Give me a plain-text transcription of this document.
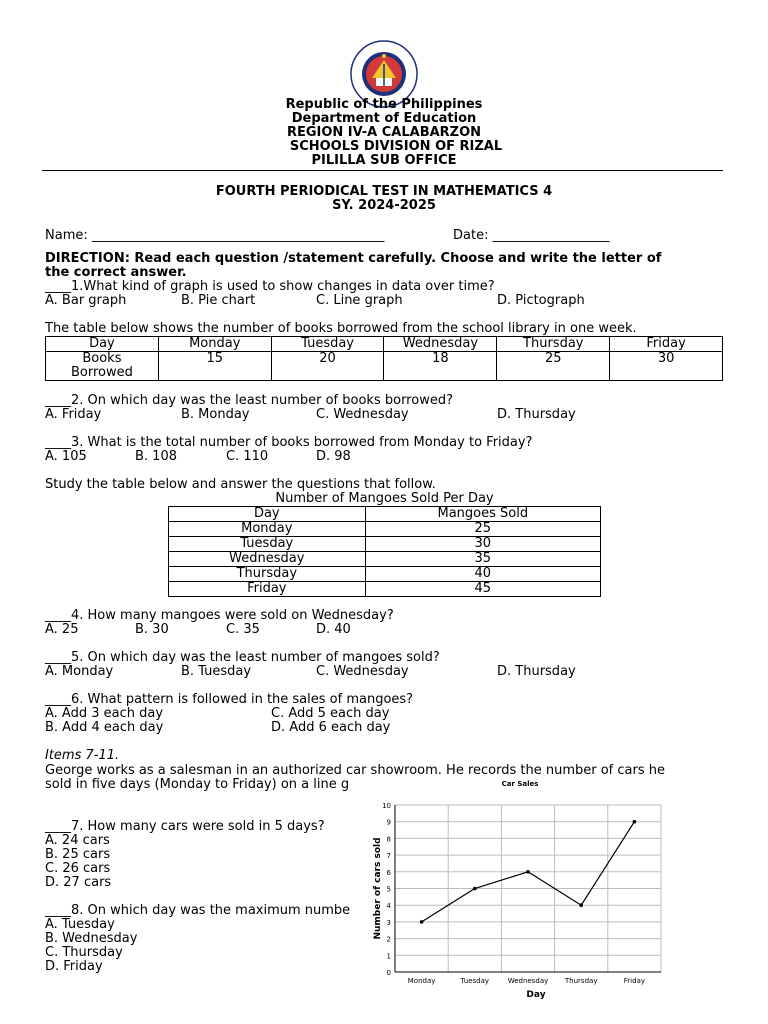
Republic of the Philippines
Department of Education
REGION IV-A CALABARZON
SCHOOLS DIVISION OF RIZAL
PILILLA SUB OFFICE
FOURTH PERIODICAL TEST IN MATHEMATICS 4
SY. 2024-2025
Name: _____________________________________________	Date: __________________
DIRECTION: Read each question /statement carefully. Choose and write the letter of
the correct answer.
____1.What kind of graph is used to show changes in data over time?
A. Bar graph	B. Pie chart	C. Line graph	D. Pictograph
The table below shows the number of books borrowed from the school library in one week.
Day	Monday	Tuesday	Wednesday	Thursday	Friday

Books
Borrowed	15	20	18	25	30
____2. On which day was the least number of books borrowed?
A. Friday	B. Monday	C. Wednesday	D. Thursday
____3. What is the total number of books borrowed from Monday to Friday?
A. 105	B. 108	C. 110	D. 98
Study the table below and answer the questions that follow.
Number of Mangoes Sold Per Day
Day	Mangoes Sold
Monday	25
Tuesday	30
Wednesday	35
Thursday	40
Friday	45
____4. How many mangoes were sold on Wednesday?
A. 25	B. 30	C. 35	D. 40
____5. On which day was the least number of mangoes sold?
A. Monday	B. Tuesday	C. Wednesday	D. Thursday
____6. What pattern is followed in the sales of mangoes?
A. Add 3 each day	C. Add 5 each day
B. Add 4 each day	D. Add 6 each day
Items 7-11.
George works as a salesman in an authorized car showroom. He records the number of cars he
sold in five days (Monday to Friday) on a line g
____7. How many cars were sold in 5 days?
A. 24 cars
B. 25 cars
C. 26 cars
D. 27 cars
____8. On which day was the maximum numbe
A. Tuesday
B. Wednesday
C. Thursday
D. Friday	0
1
2
3
4
5
6
7
8
9
10
Monday	Tuesday	Wednesday Thursday	Friday
Car Sales
Day
Number of cars sold
